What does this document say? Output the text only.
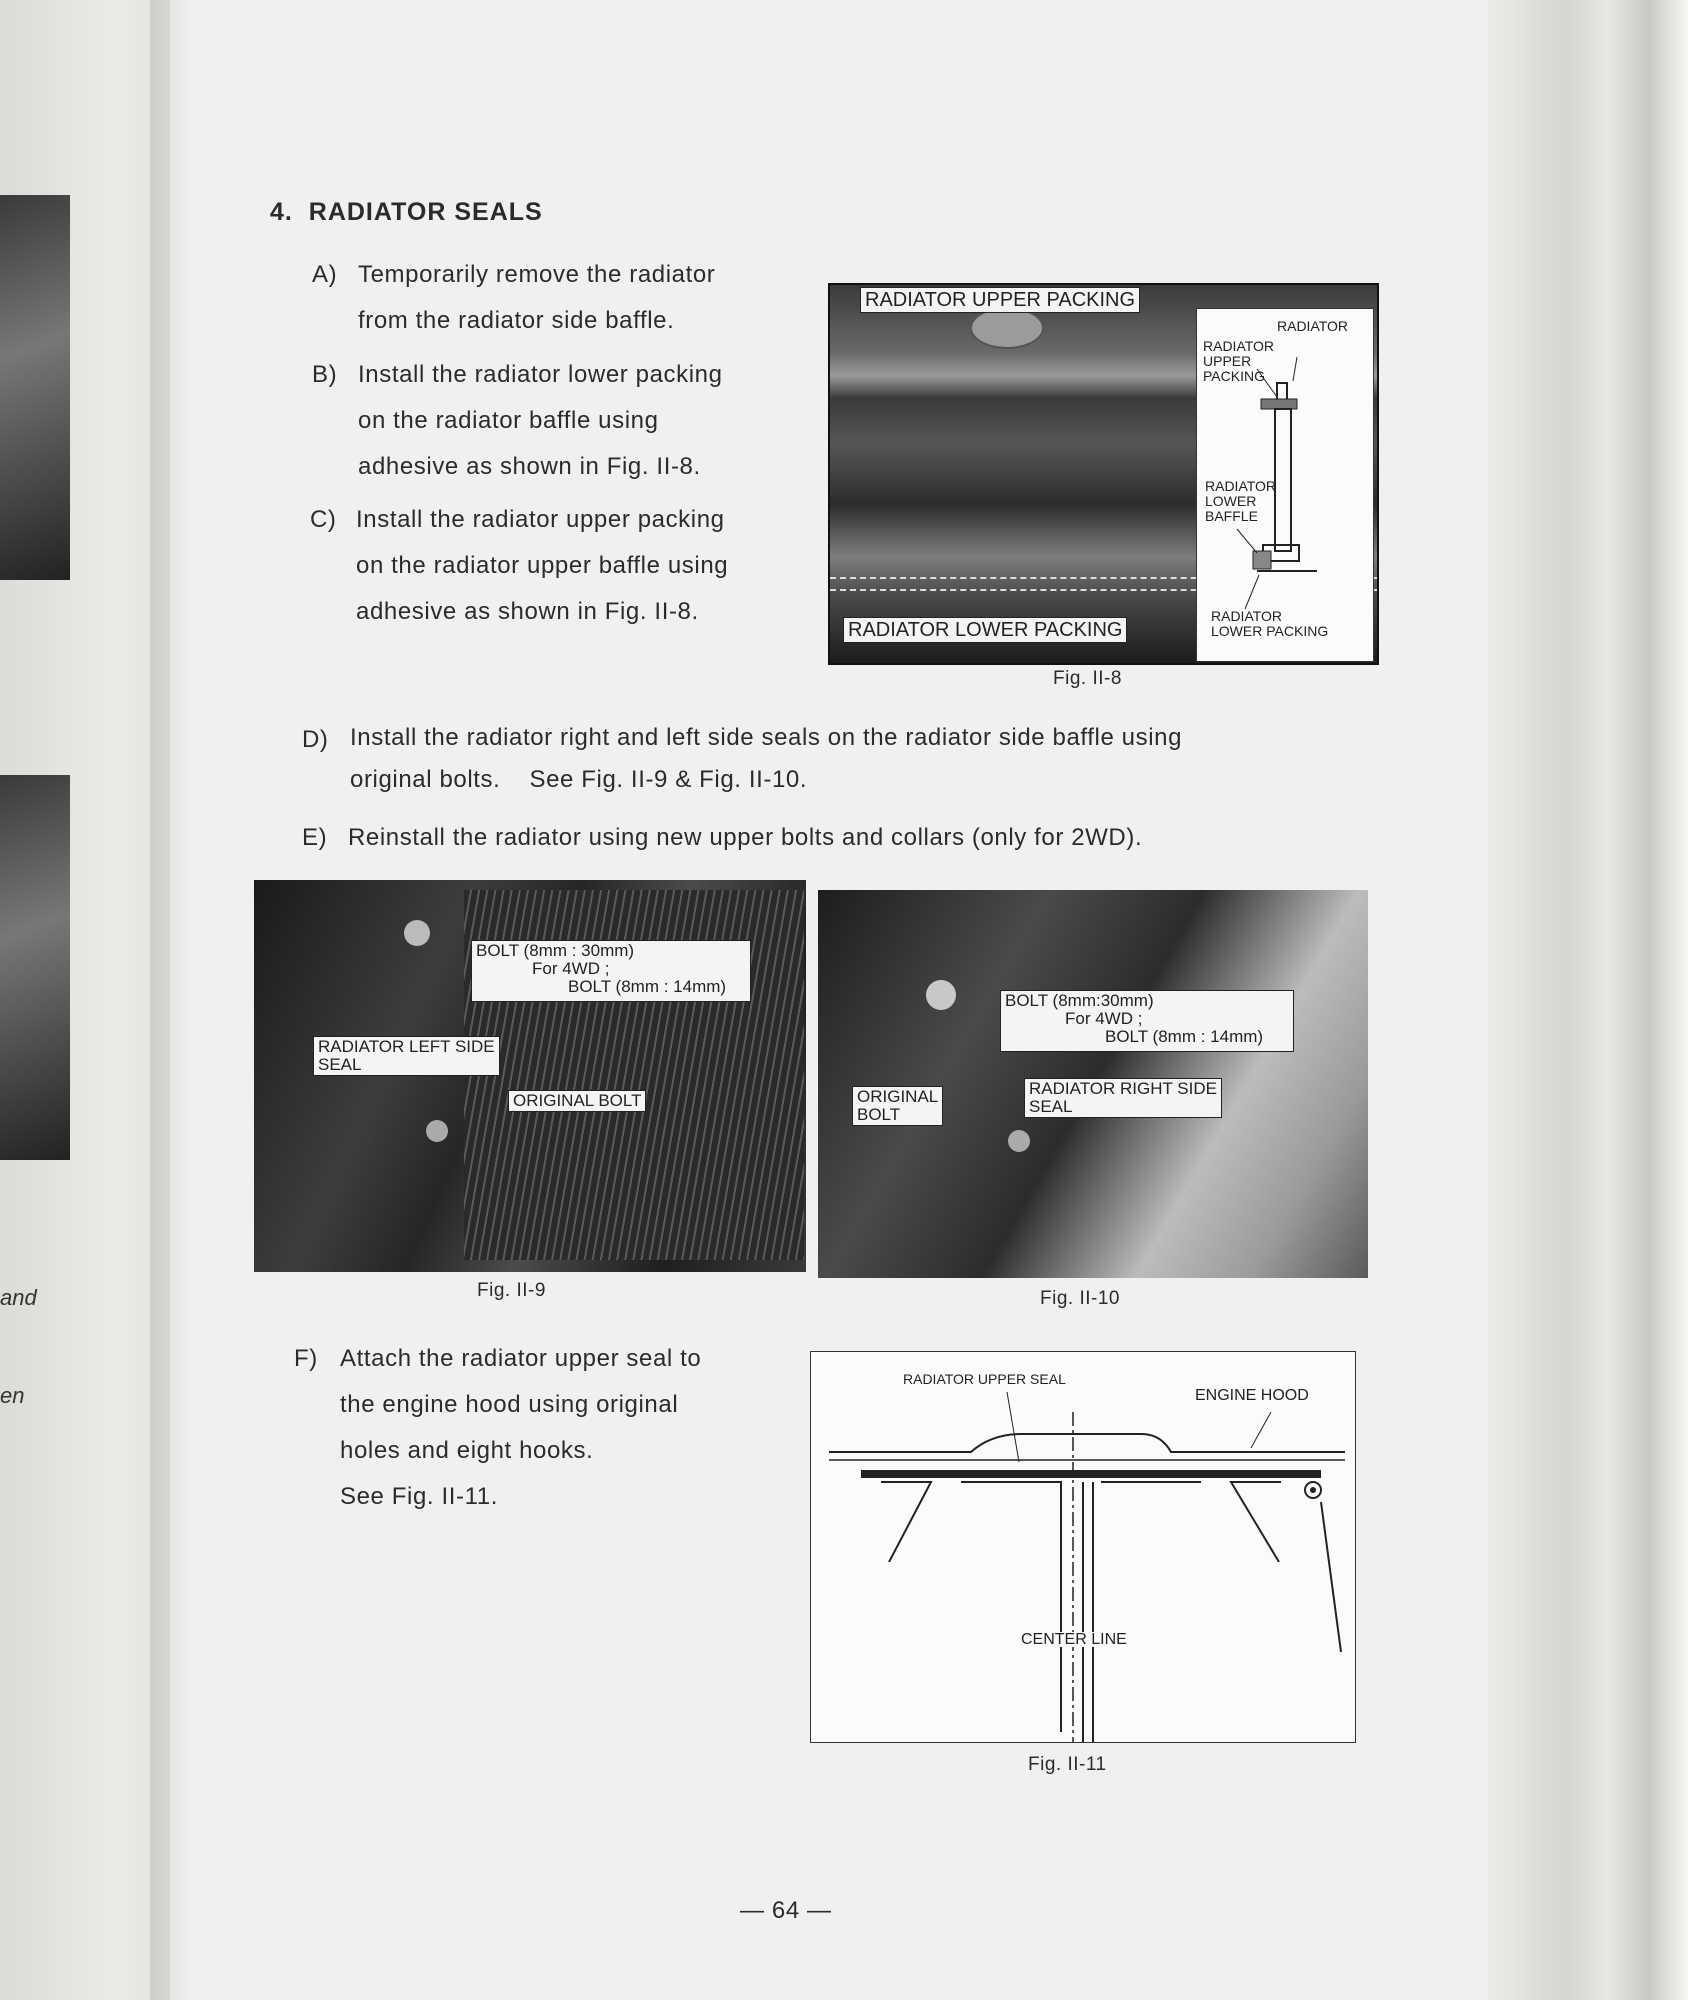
and
en
4. RADIATOR SEALS
A) Temporarily remove the radiator
from the radiator side baffle.
B) Install the radiator lower packing
on the radiator baffle using
adhesive as shown in Fig. II-8.
C) Install the radiator upper packing
on the radiator upper baffle using
adhesive as shown in Fig. II-8.
RADIATOR UPPER PACKING
RADIATOR LOWER PACKING
RADIATOR
RADIATOR
UPPER
PACKING
RADIATOR
LOWER
BAFFLE
RADIATOR
LOWER PACKING
Fig. II-8
D) Install the radiator right and left side seals on the radiator side baffle using
original bolts.    See Fig. II-9 & Fig. II-10.
E) Reinstall the radiator using new upper bolts and collars (only for 2WD).
BOLT (8mm : 30mm)
For 4WD ;
BOLT (8mm : 14mm)
RADIATOR LEFT SIDE
SEAL
ORIGINAL BOLT
Fig. II-9
BOLT (8mm:30mm)
For 4WD ;
BOLT (8mm : 14mm)
ORIGINAL
BOLT
RADIATOR RIGHT SIDE
SEAL
Fig. II-10
F) Attach the radiator upper seal to
the engine hood using original
holes and eight hooks.
See Fig. II-11.
RADIATOR UPPER SEAL
ENGINE HOOD
CENTER LINE
Fig. II-11
— 64 —
